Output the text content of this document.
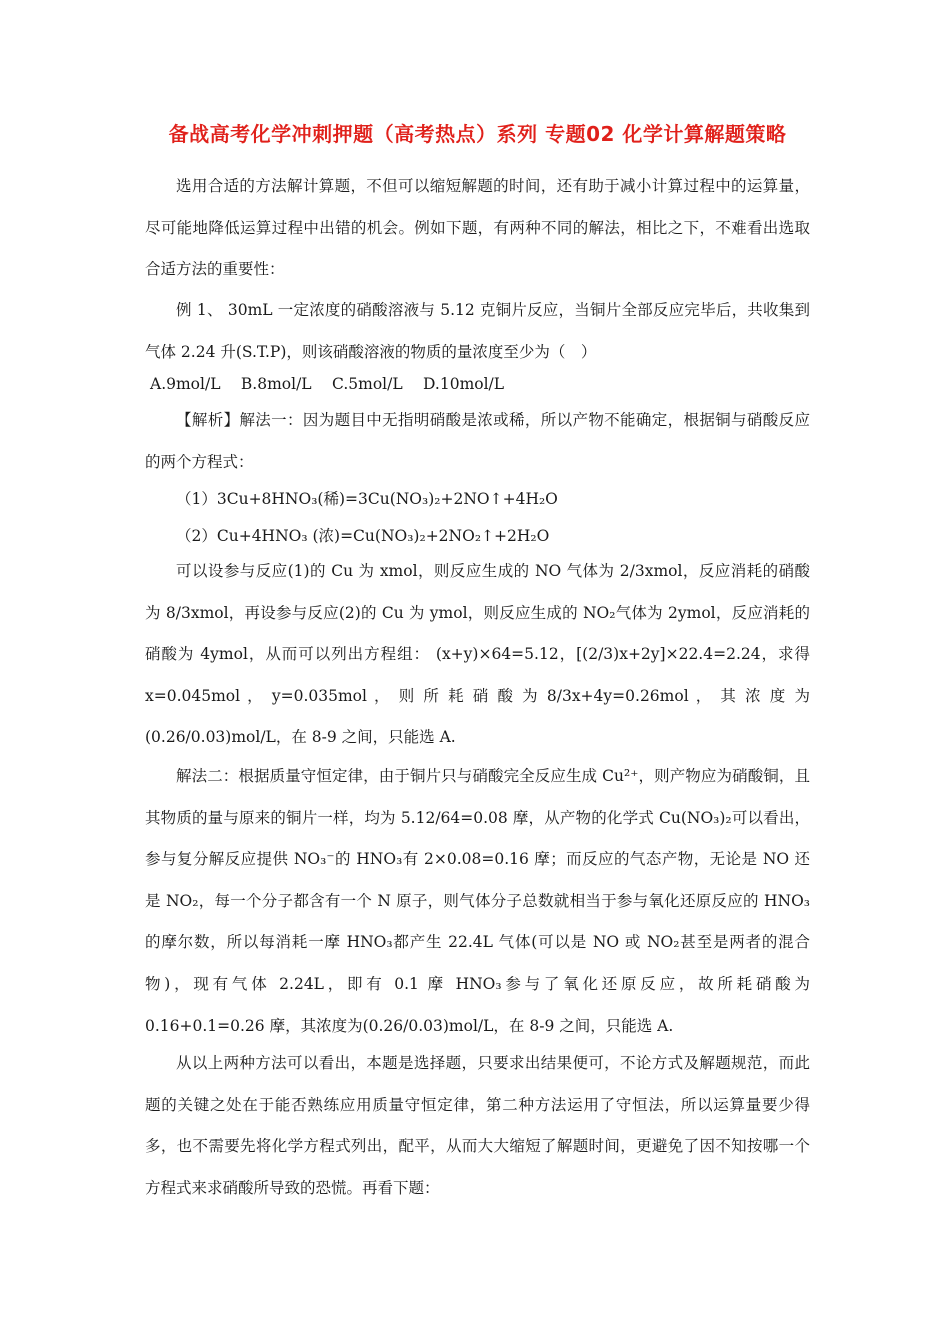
备战高考化学冲刺押题（高考热点）系列 专题02 化学计算解题策略
选用合适的方法解计算题，不但可以缩短解题的时间，还有助于减小计算过程中的运算量，尽可能地降低运算过程中出错的机会。例如下题，有两种不同的解法，相比之下，不难看出选取合适方法的重要性：
例 1、 30mL 一定浓度的硝酸溶液与 5.12 克铜片反应，当铜片全部反应完毕后，共收集到气体 2.24 升(S.T.P)，则该硝酸溶液的物质的量浓度至少为（　）
A.9mol/L　 B.8mol/L　 C.5mol/L　 D.10mol/L
【解析】解法一：因为题目中无指明硝酸是浓或稀，所以产物不能确定，根据铜与硝酸反应的两个方程式：
（1）3Cu+8HNO₃(稀)=3Cu(NO₃)₂+2NO↑+4H₂O
（2）Cu+4HNO₃ (浓)=Cu(NO₃)₂+2NO₂↑+2H₂O
可以设参与反应(1)的 Cu 为 xmol，则反应生成的 NO 气体为 2/3xmol，反应消耗的硝酸为 8/3xmol，再设参与反应(2)的 Cu 为 ymol，则反应生成的 NO₂气体为 2ymol，反应消耗的硝酸为 4ymol，从而可以列出方程组： (x+y)×64=5.12，[(2/3)x+2y]×22.4=2.24，求得 x=0.045mol ， y=0.035mol ， 则 所 耗 硝 酸 为 8/3x+4y=0.26mol ， 其 浓 度 为 (0.26/0.03)mol/L，在 8-9 之间，只能选 A.
解法二：根据质量守恒定律，由于铜片只与硝酸完全反应生成 Cu²⁺，则产物应为硝酸铜，且其物质的量与原来的铜片一样，均为 5.12/64=0.08 摩，从产物的化学式 Cu(NO₃)₂可以看出，参与复分解反应提供 NO₃⁻的 HNO₃有 2×0.08=0.16 摩；而反应的气态产物，无论是 NO 还是 NO₂，每一个分子都含有一个 N 原子，则气体分子总数就相当于参与氧化还原反应的 HNO₃的摩尔数，所以每消耗一摩 HNO₃都产生 22.4L 气体(可以是 NO 或 NO₂甚至是两者的混合物)，现有气体 2.24L，即有 0.1 摩 HNO₃参与了氧化还原反应，故所耗硝酸为 0.16+0.1=0.26 摩，其浓度为(0.26/0.03)mol/L，在 8-9 之间，只能选 A.
从以上两种方法可以看出，本题是选择题，只要求出结果便可，不论方式及解题规范，而此题的关键之处在于能否熟练应用质量守恒定律，第二种方法运用了守恒法，所以运算量要少得多，也不需要先将化学方程式列出，配平，从而大大缩短了解题时间，更避免了因不知按哪一个方程式来求硝酸所导致的恐慌。再看下题：
